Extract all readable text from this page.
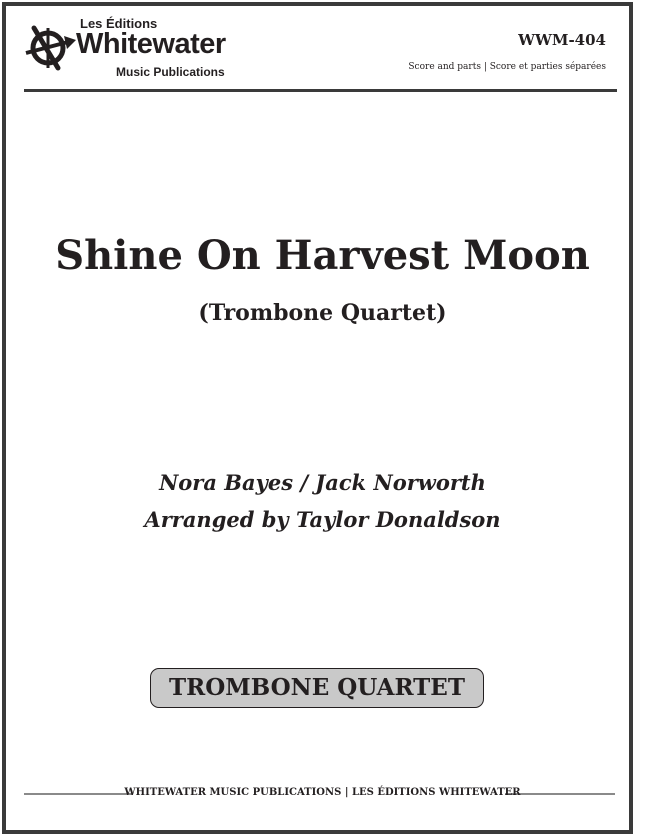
Les Éditions
Whitewater
Music Publications
WWM-404
Score and parts | Score et parties séparées
Shine On Harvest Moon
(Trombone Quartet)
Nora Bayes / Jack Norworth
Arranged by Taylor Donaldson
TROMBONE QUARTET
WHITEWATER MUSIC PUBLICATIONS | LES ÉDITIONS WHITEWATER
